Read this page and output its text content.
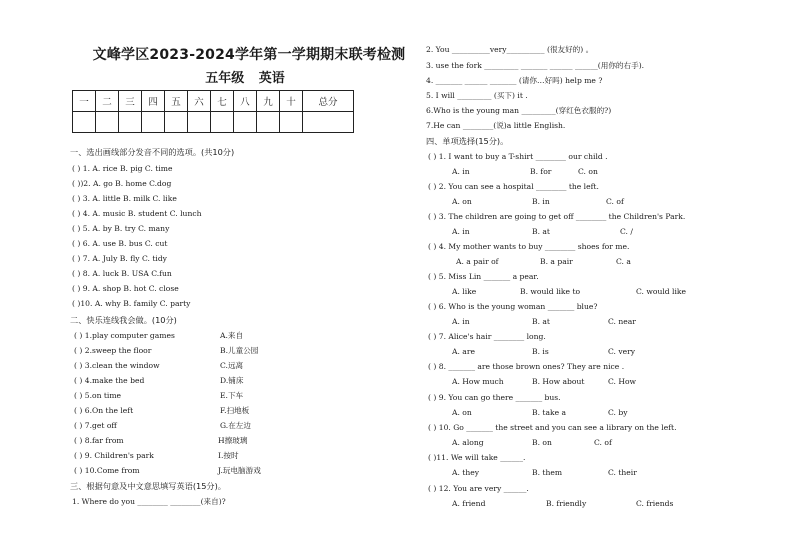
文峰学区2023-2024学年第一学期期末联考检测
五年级 英语
一	二	三	四	五	六	七	八	九	十	总分

一、选出画线部分发音不同的选项。(共10分)
( ) 1. A. rice B. pig C. time
( ))2. A. go B. home C.dog
( ) 3. A. little B. milk C. like
( ) 4. A. music B. student C. lunch
( ) 5. A. by B. try C. many
( ) 6. A. use B. bus C. cut
( ) 7. A. July B. fly C. tidy
( ) 8. A. luck B. USA C.fun
( ) 9. A. shop B. hot C. close
( )10. A. why B. family C. party
二、快乐连线我会做。(10分)
( ) 1.play computer games	A.来自
( ) 2.sweep the floor	B.儿童公园
( ) 3.clean the window	C.远离
( ) 4.make the bed	D.铺床
( ) 5.on time	E.下车
( ) 6.On the left	F.扫地板
( ) 7.get off	G.在左边
( ) 8.far from	H擦玻璃
( ) 9. Children's park	I.按时
( ) 10.Come from	J.玩电脑游戏
三、根据句意及中文意思填写英语(15分)。
1. Where do you ________ ________(来自)?
2. You __________very__________ (很友好的) 。
3. use the fork _________ _______ ______ ______(用你的右手).
4. _______ ______ _______ (请你…好吗) help me ?
5. I will _________ (买下) it .
6.Who is the young man _________(穿红色衣服的?)
7.He can ________(说)a little English.
四、单项选择(15分)。
( ) 1. I want to buy a T-shirt ________ our child .
A. in	B. for	C. on
( ) 2. You can see a hospital ________ the left.
A. on	B. in	C. of
( ) 3. The children are going to get off ________ the Children's Park.
A. in	B. at	C. /
( ) 4. My mother wants to buy ________ shoes for me.
A. a pair of	B. a pair	C. a
( ) 5. Miss Lin _______ a pear.
A. like	B. would like to	C. would like
( ) 6. Who is the young woman _______ blue?
A. in	B. at	C. near
( ) 7. Alice's hair ________ long.
A. are	B. is	C. very
( ) 8. _______ are those brown ones? They are nice .
A. How much	B. How about	C. How
( ) 9. You can go there _______ bus.
A. on	B. take a	C. by
( ) 10. Go _______ the street and you can see a library on the left.
A. along	B. on	C. of
( )11. We will take ______.
A. they	B. them	C. their
( ) 12. You are very ______.
A. friend	B. friendly	C. friends
